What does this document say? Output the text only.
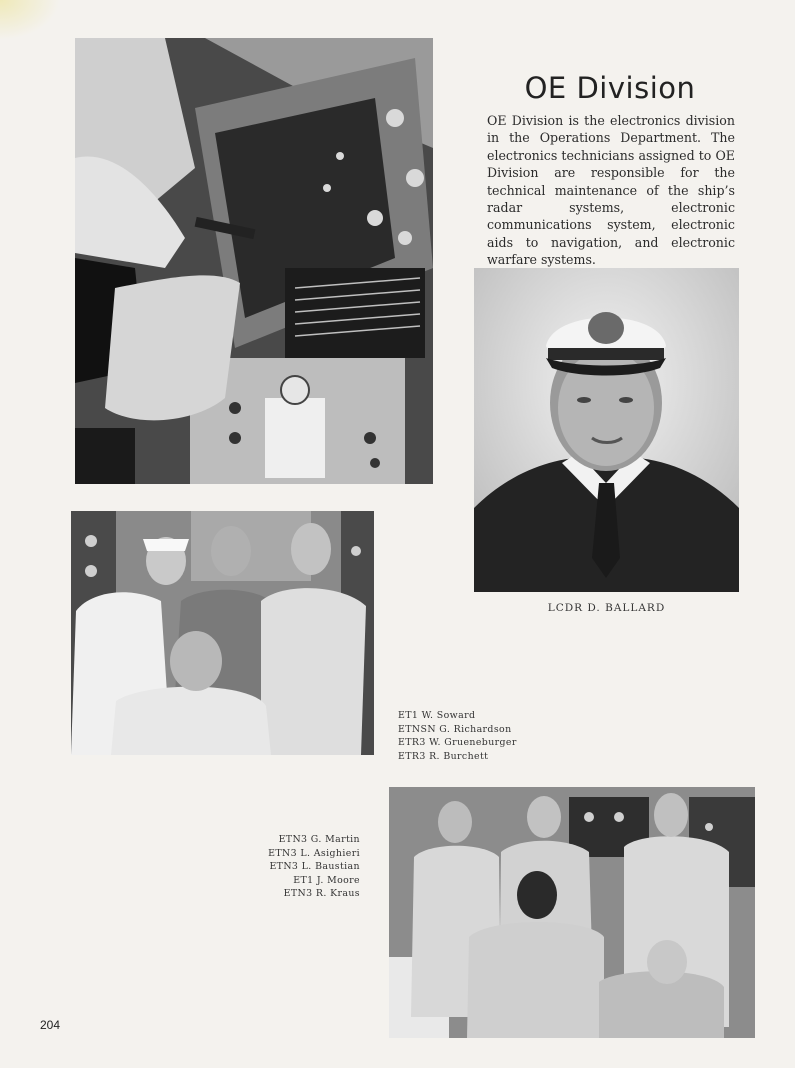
OE Division

OE Division is the electronics division in the Operations Department. The electronics technicians assigned to OE Division are responsible for the technical maintenance of the ship’s radar systems, electronic communications system, electronic aids to navigation, and electronic warfare systems.

LCDR D. BALLARD
ET1 W. Soward
ETNSN G. Richardson
ETR3 W. Grueneburger
ETR3 R. Burchett
ETN3 G. Martin
ETN3 L. Asighieri
ETN3 L. Baustian
ET1 J. Moore
ETN3 R. Kraus
204
